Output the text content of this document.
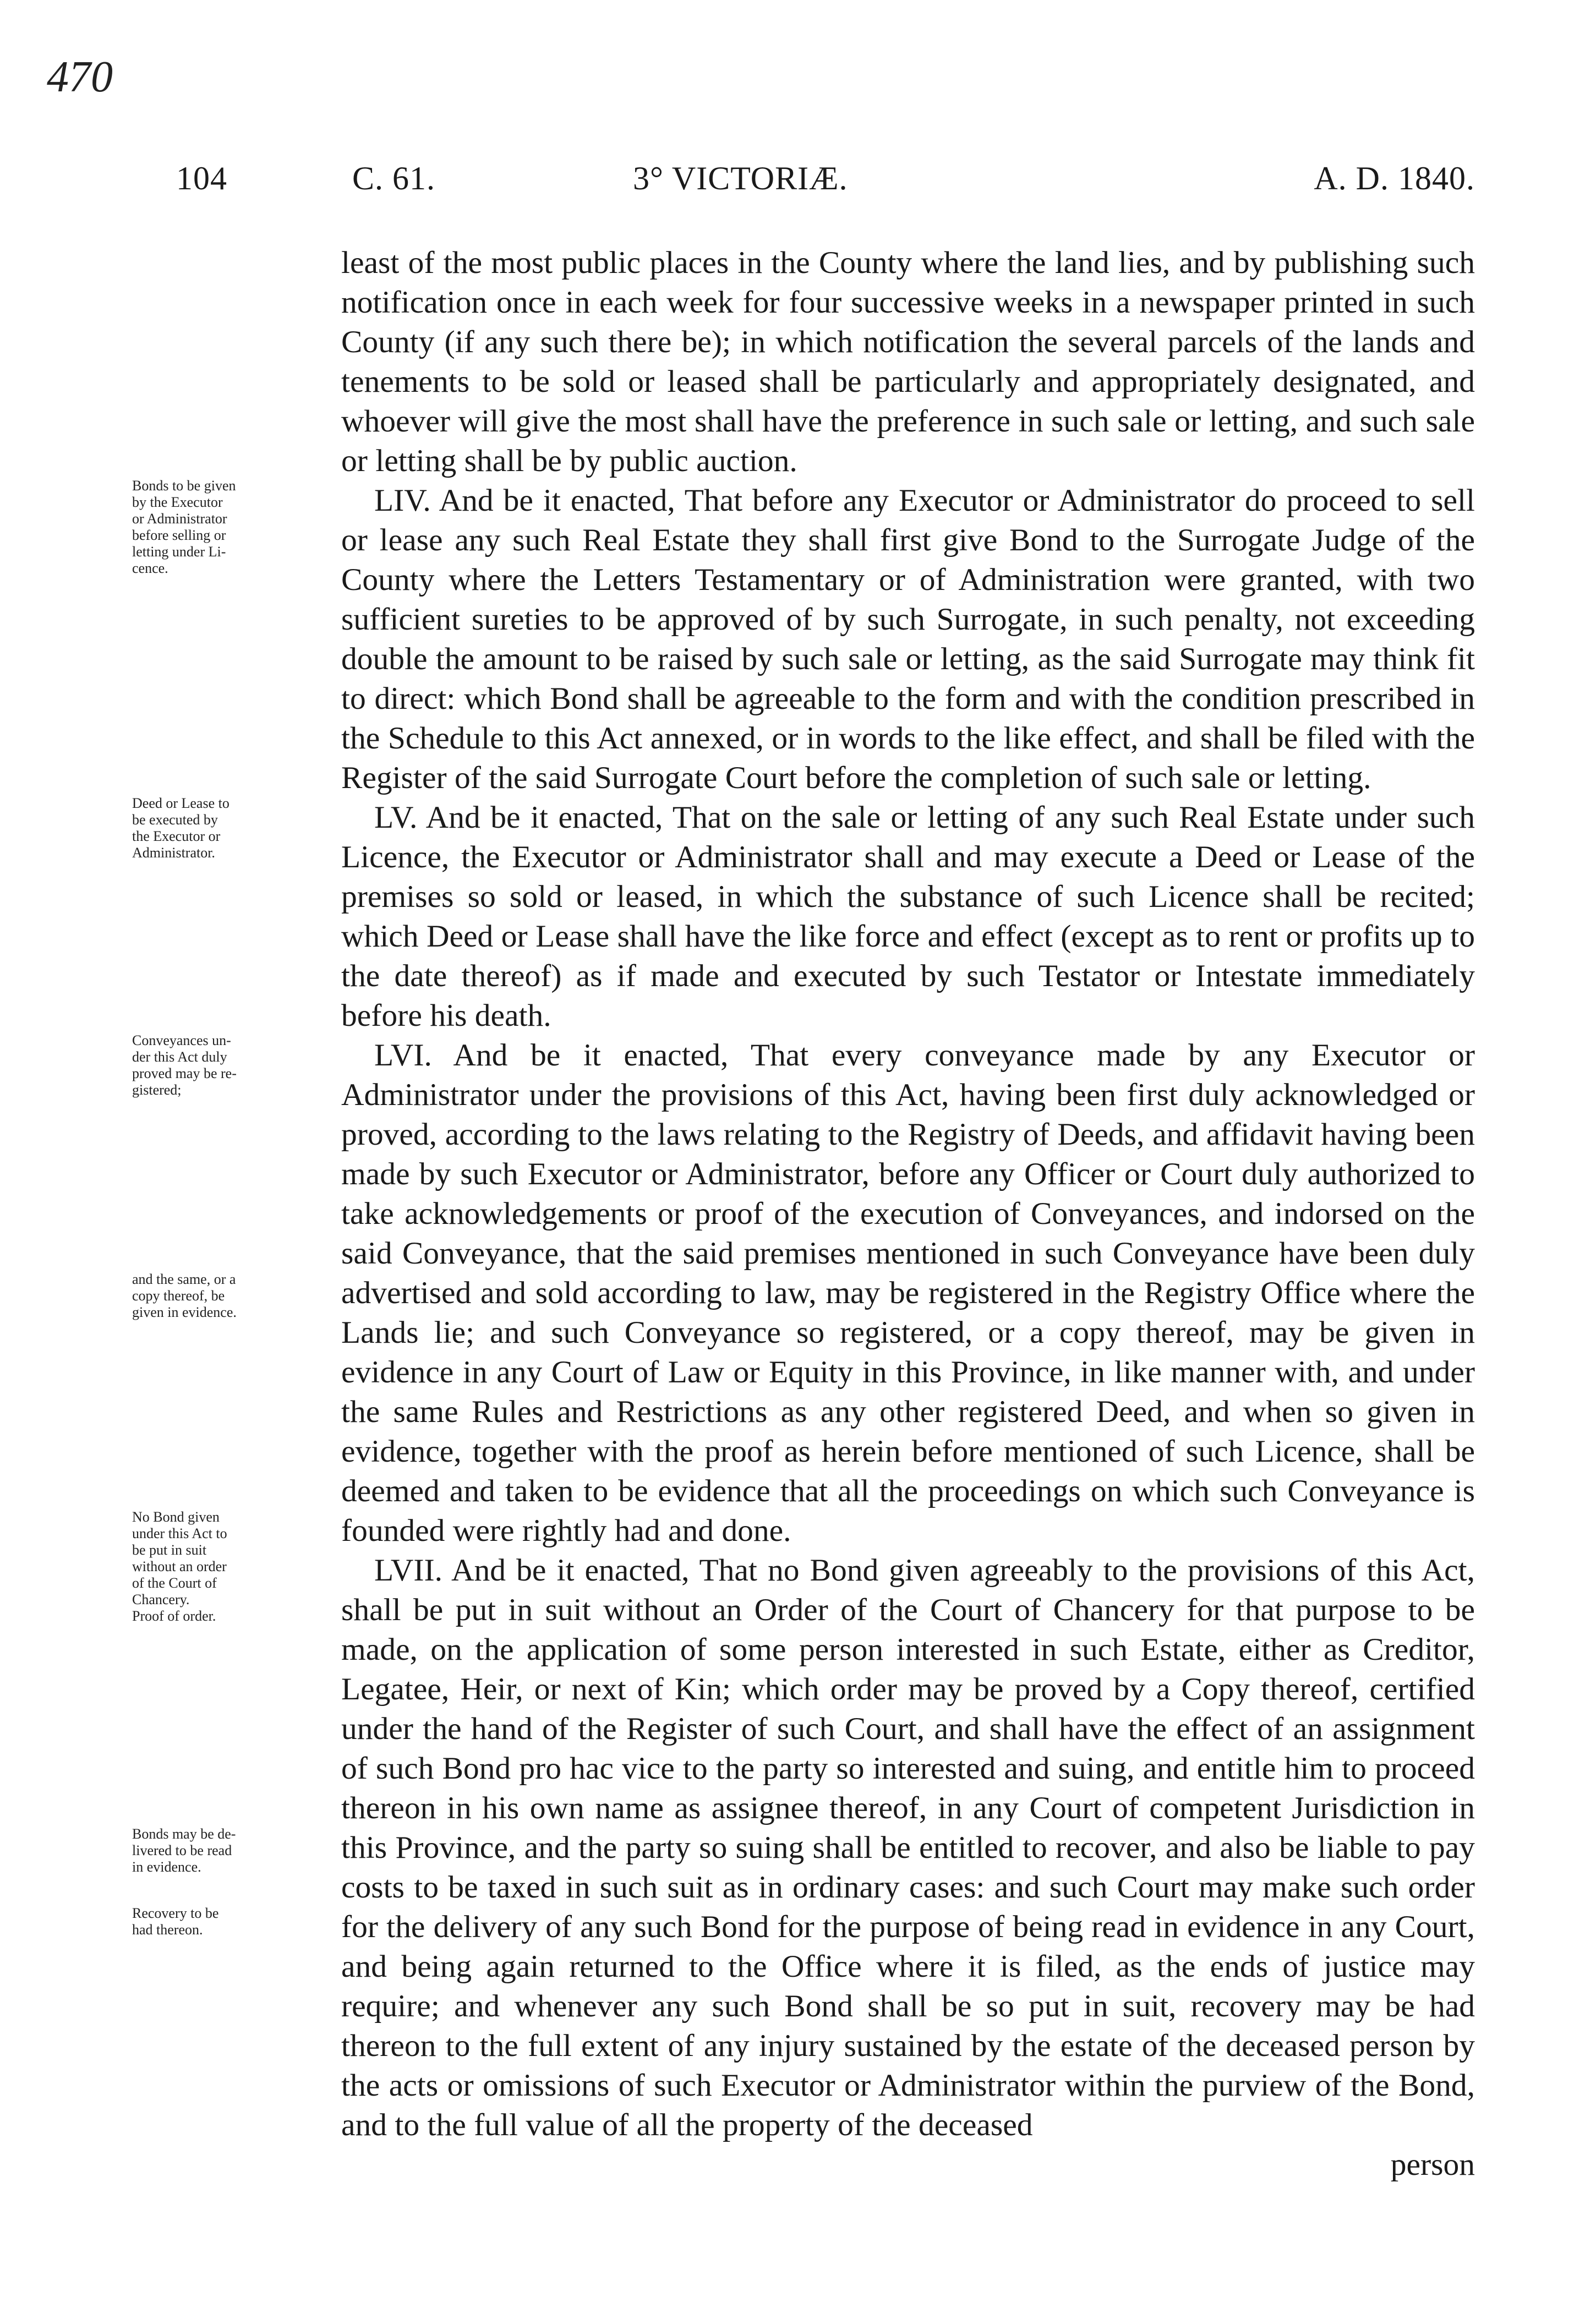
470
104	C. 61.	3° VICTORIÆ.	A. D. 1840.
Bonds to be given
by the Executor
or Administrator
before selling or
letting under Li-
cence.
Deed or Lease to
be executed by
the Executor or
Administrator.
Conveyances un-
der this Act duly
proved may be re-
gistered;
and the same, or a
copy thereof, be
given in evidence.
No Bond given
under this Act to
be put in suit
without an order
of the Court of
Chancery.
Proof of order.
Bonds may be de-
livered to be read
in evidence.
Recovery to be
had thereon.

least of the most public places in the County where the land lies, and by publishing such notification once in each week for four successive weeks in a newspaper printed in such County (if any such there be); in which notification the several parcels of the lands and tenements to be sold or leased shall be particularly and appropriately designated, and whoever will give the most shall have the preference in such sale or letting, and such sale or letting shall be by public auction.

LIV. And be it enacted, That before any Executor or Administrator do proceed to sell or lease any such Real Estate they shall first give Bond to the Surrogate Judge of the County where the Letters Testamentary or of Administration were granted, with two sufficient sureties to be approved of by such Surrogate, in such penalty, not exceeding double the amount to be raised by such sale or letting, as the said Surrogate may think fit to direct: which Bond shall be agreeable to the form and with the condition prescribed in the Schedule to this Act annexed, or in words to the like effect, and shall be filed with the Register of the said Surrogate Court before the completion of such sale or letting.

LV. And be it enacted, That on the sale or letting of any such Real Estate under such Licence, the Executor or Administrator shall and may execute a Deed or Lease of the premises so sold or leased, in which the substance of such Licence shall be recited; which Deed or Lease shall have the like force and effect (except as to rent or profits up to the date thereof) as if made and executed by such Testator or Intestate immediately before his death.

LVI. And be it enacted, That every conveyance made by any Executor or Administrator under the provisions of this Act, having been first duly acknowledged or proved, according to the laws relating to the Registry of Deeds, and affidavit having been made by such Executor or Administrator, before any Officer or Court duly authorized to take acknowledgements or proof of the execution of Conveyances, and indorsed on the said Conveyance, that the said premises mentioned in such Conveyance have been duly advertised and sold according to law, may be registered in the Registry Office where the Lands lie; and such Conveyance so registered, or a copy thereof, may be given in evidence in any Court of Law or Equity in this Province, in like manner with, and under the same Rules and Restrictions as any other registered Deed, and when so given in evidence, together with the proof as herein before mentioned of such Licence, shall be deemed and taken to be evidence that all the proceedings on which such Conveyance is founded were rightly had and done.

LVII. And be it enacted, That no Bond given agreeably to the provisions of this Act, shall be put in suit without an Order of the Court of Chancery for that purpose to be made, on the application of some person interested in such Estate, either as Creditor, Legatee, Heir, or next of Kin; which order may be proved by a Copy thereof, certified under the hand of the Register of such Court, and shall have the effect of an assignment of such Bond pro hac vice to the party so interested and suing, and entitle him to proceed thereon in his own name as assignee thereof, in any Court of competent Jurisdiction in this Province, and the party so suing shall be entitled to recover, and also be liable to pay costs to be taxed in such suit as in ordinary cases: and such Court may make such order for the delivery of any such Bond for the purpose of being read in evidence in any Court, and being again returned to the Office where it is filed, as the ends of justice may require; and whenever any such Bond shall be so put in suit, recovery may be had thereon to the full extent of any injury sustained by the estate of the deceased person by the acts or omissions of such Executor or Administrator within the purview of the Bond, and to the full value of all the property of the deceased

person
